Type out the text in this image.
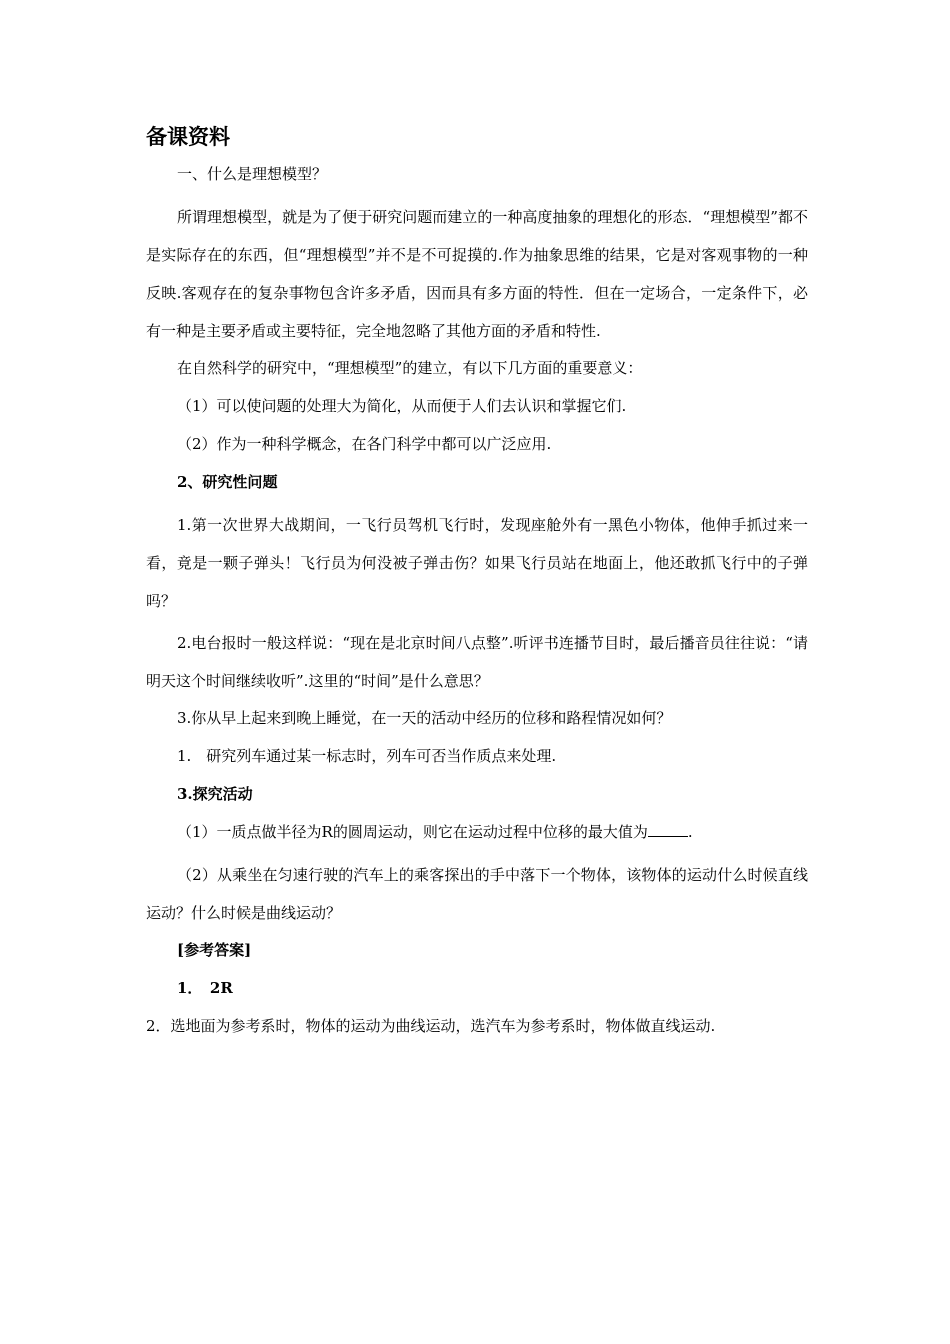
备课资料
一、什么是理想模型？
所谓理想模型，就是为了便于研究问题而建立的一种高度抽象的理想化的形态．“理想模型”都不是实际存在的东西，但“理想模型”并不是不可捉摸的.作为抽象思维的结果，它是对客观事物的一种反映.客观存在的复杂事物包含许多矛盾，因而具有多方面的特性．但在一定场合，一定条件下，必有一种是主要矛盾或主要特征，完全地忽略了其他方面的矛盾和特性.
在自然科学的研究中，“理想模型”的建立，有以下几方面的重要意义：
（1）可以使问题的处理大为简化，从而便于人们去认识和掌握它们.
（2）作为一种科学概念，在各门科学中都可以广泛应用.
2、研究性问题
1.第一次世界大战期间，一飞行员驾机飞行时，发现座舱外有一黑色小物体，他伸手抓过来一看，竟是一颗子弹头！飞行员为何没被子弹击伤？如果飞行员站在地面上，他还敢抓飞行中的子弹吗？
2.电台报时一般这样说：“现在是北京时间八点整”.听评书连播节目时，最后播音员往往说：“请明天这个时间继续收听”.这里的“时间”是什么意思？
3.你从早上起来到晚上睡觉，在一天的活动中经历的位移和路程情况如何？
1.　研究列车通过某一标志时，列车可否当作质点来处理.
3.探究活动
（1）一质点做半径为R的圆周运动，则它在运动过程中位移的最大值为	.
（2）从乘坐在匀速行驶的汽车上的乘客探出的手中落下一个物体，该物体的运动什么时候直线运动？什么时候是曲线运动？
[参考答案]
1．　2R
2．选地面为参考系时，物体的运动为曲线运动，选汽车为参考系时，物体做直线运动.
